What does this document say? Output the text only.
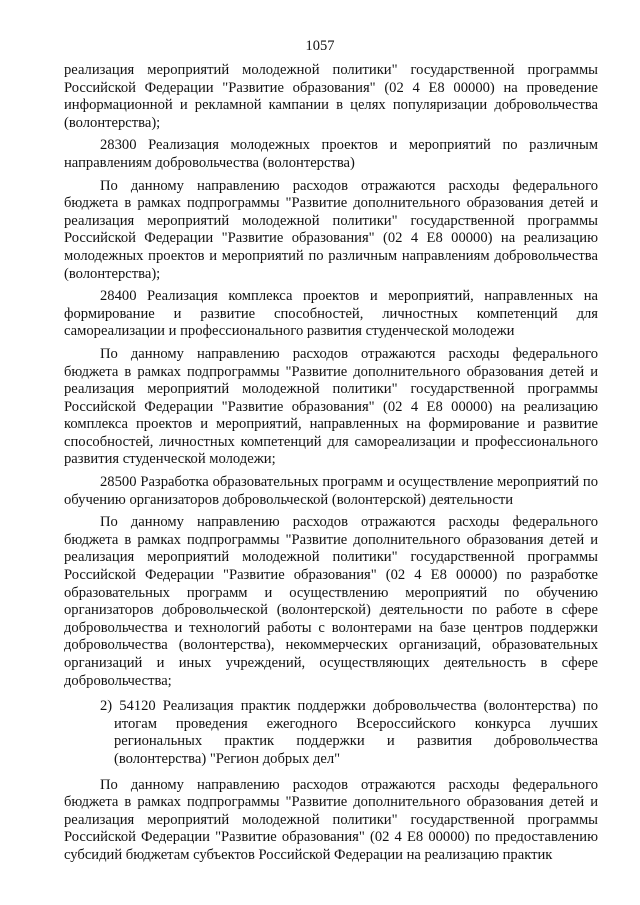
1057

реализация мероприятий молодежной политики" государственной программы Российской Федерации "Развитие образования" (02 4 E8 00000) на проведение информационной и рекламной кампании в целях популяризации добровольчества (волонтерства);

28300 Реализация молодежных проектов и мероприятий по различным направлениям добровольчества (волонтерства)

По данному направлению расходов отражаются расходы федерального бюджета в рамках подпрограммы "Развитие дополнительного образования детей и реализация мероприятий молодежной политики" государственной программы Российской Федерации "Развитие образования" (02 4 E8 00000) на реализацию молодежных проектов и мероприятий по различным направлениям добровольчества (волонтерства);

28400 Реализация комплекса проектов и мероприятий, направленных на формирование и развитие способностей, личностных компетенций для самореализации и профессионального развития студенческой молодежи

По данному направлению расходов отражаются расходы федерального бюджета в рамках подпрограммы "Развитие дополнительного образования детей и реализация мероприятий молодежной политики" государственной программы Российской Федерации "Развитие образования" (02 4 E8 00000) на реализацию комплекса проектов и мероприятий, направленных на формирование и развитие способностей, личностных компетенций для самореализации и профессионального развития студенческой молодежи;

28500 Разработка образовательных программ и осуществление мероприятий по обучению организаторов добровольческой (волонтерской) деятельности

По данному направлению расходов отражаются расходы федерального бюджета в рамках подпрограммы "Развитие дополнительного образования детей и реализация мероприятий молодежной политики" государственной программы Российской Федерации "Развитие образования" (02 4 E8 00000) по разработке образовательных программ и осуществлению мероприятий по обучению организаторов добровольческой (волонтерской) деятельности по работе в сфере добровольчества и технологий работы с волонтерами на базе центров поддержки добровольчества (волонтерства), некоммерческих организаций, образовательных организаций и иных учреждений, осуществляющих деятельность в сфере добровольчества;

2) 54120 Реализация практик поддержки добровольчества (волонтерства) по итогам проведения ежегодного Всероссийского конкурса лучших региональных практик поддержки и развития добровольчества (волонтерства) "Регион добрых дел"

По данному направлению расходов отражаются расходы федерального бюджета в рамках подпрограммы "Развитие дополнительного образования детей и реализация мероприятий молодежной политики" государственной программы Российской Федерации "Развитие образования" (02 4 E8 00000) по предоставлению субсидий бюджетам субъектов Российской Федерации на реализацию практик
